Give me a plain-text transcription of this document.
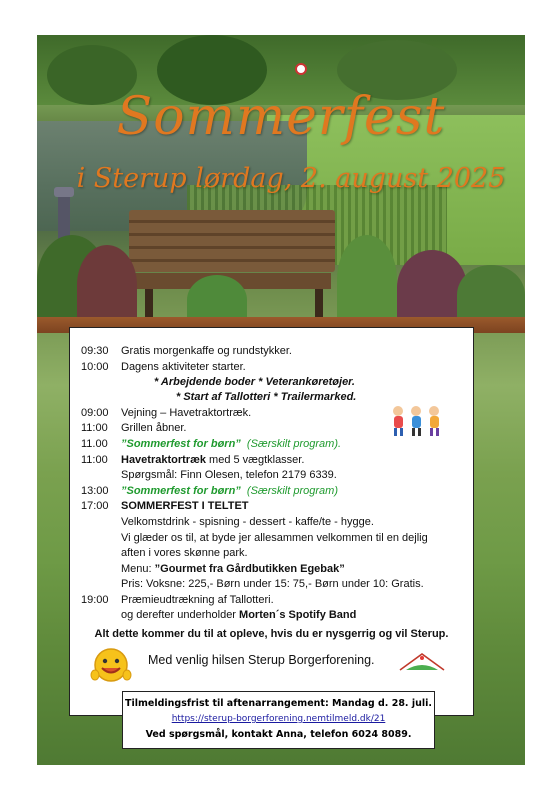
Sommerfest
i Sterup lørdag, 2. august 2025
09:30 Gratis morgenkaffe og rundstykker.
10:00 Dagens aktiviteter starter.
* Arbejdende boder * Veterankøretøjer.
* Start af Tallotteri * Trailermarked.
09:00 Vejning – Havetraktortræk.
11:00 Grillen åbner.
11.00 ”Sommerfest for børn” (Særskilt program).
11:00 Havetraktortræk med 5 vægtklasser.
Spørgsmål: Finn Olesen, telefon 2179 6339.
13:00 ”Sommerfest for børn” (Særskilt program)
17:00 SOMMERFEST I TELTET
Velkomstdrink - spisning - dessert - kaffe/te - hygge.
Vi glæder os til, at byde jer allesammen velkommen til en dejlig
aften i vores skønne park.
Menu: ”Gourmet fra Gårdbutikken Egebak”
Pris: Voksne: 225,- Børn under 15: 75,- Børn under 10: Gratis.
19:00 Præmieudtrækning af Tallotteri.
og derefter underholder Morten´s Spotify Band
Alt dette kommer du til at opleve, hvis du er nysgerrig og vil Sterup.
Med venlig hilsen Sterup Borgerforening.
Tilmeldingsfrist til aftenarrangement: Mandag d. 28. juli.
https://sterup-borgerforening.nemtilmeld.dk/21
Ved spørgsmål, kontakt Anna, telefon 6024 8089.
